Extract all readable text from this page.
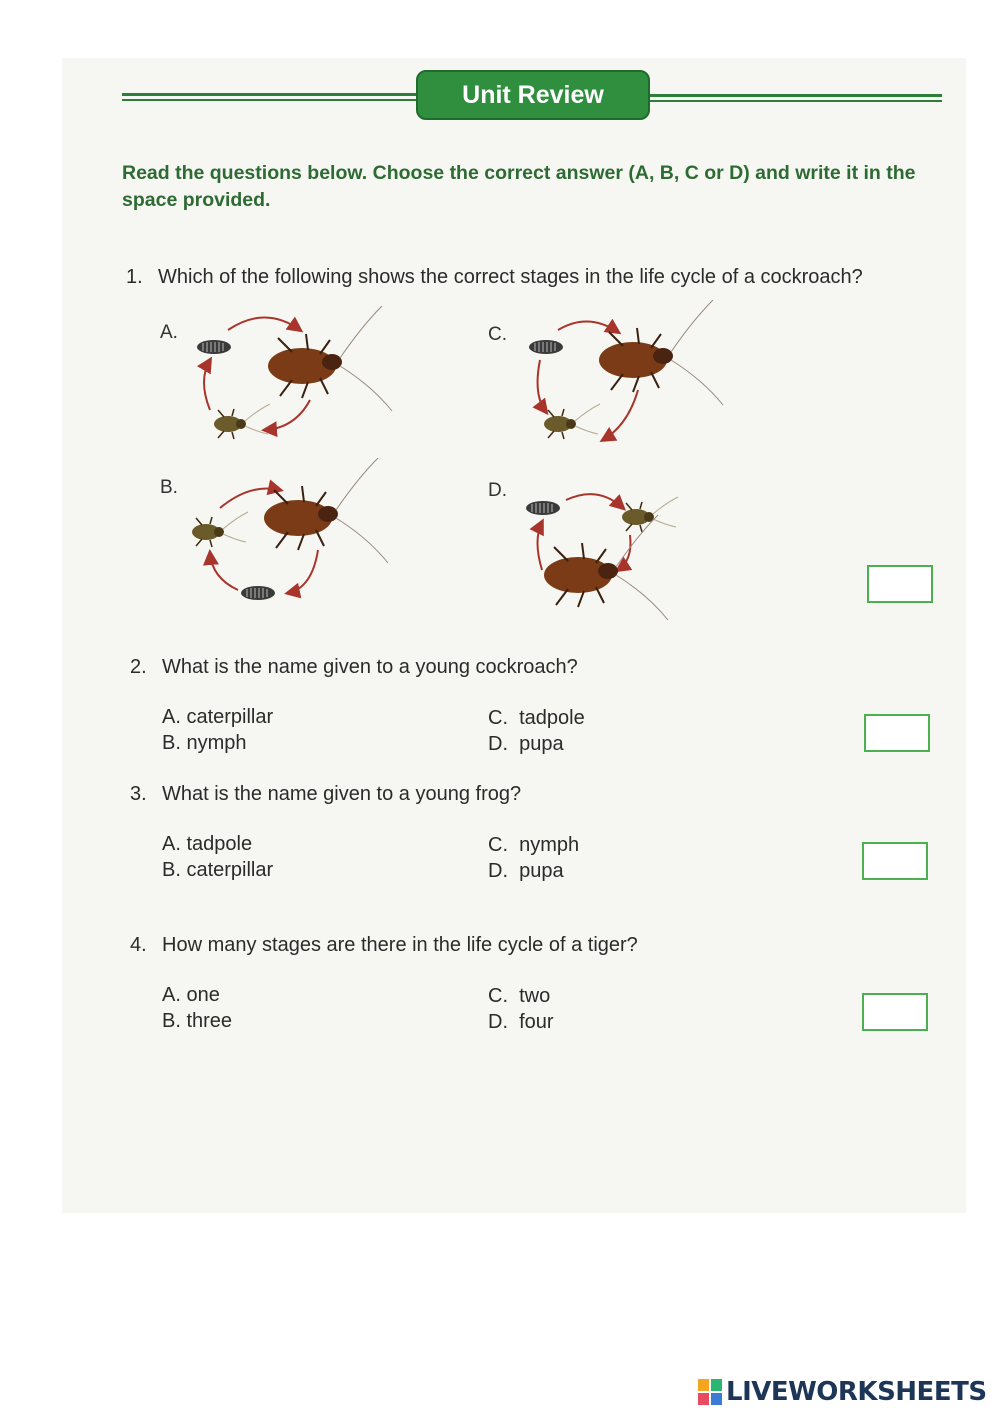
Unit Review
Read the questions below. Choose the correct answer (A, B, C or D) and write it in the space provided.
1. Which of the following shows the correct stages in the life cycle of a cockroach?
A.
B.
C.
D.
2. What is the name given to a young cockroach?
A. caterpillar
B. nymph
C.  tadpole
D.  pupa
3. What is the name given to a young frog?
A. tadpole
B. caterpillar
C.  nymph
D.  pupa
4. How many stages are there in the life cycle of a tiger?
A. one
B. three
C.  two
D.  four
LIVEWORKSHEETS
